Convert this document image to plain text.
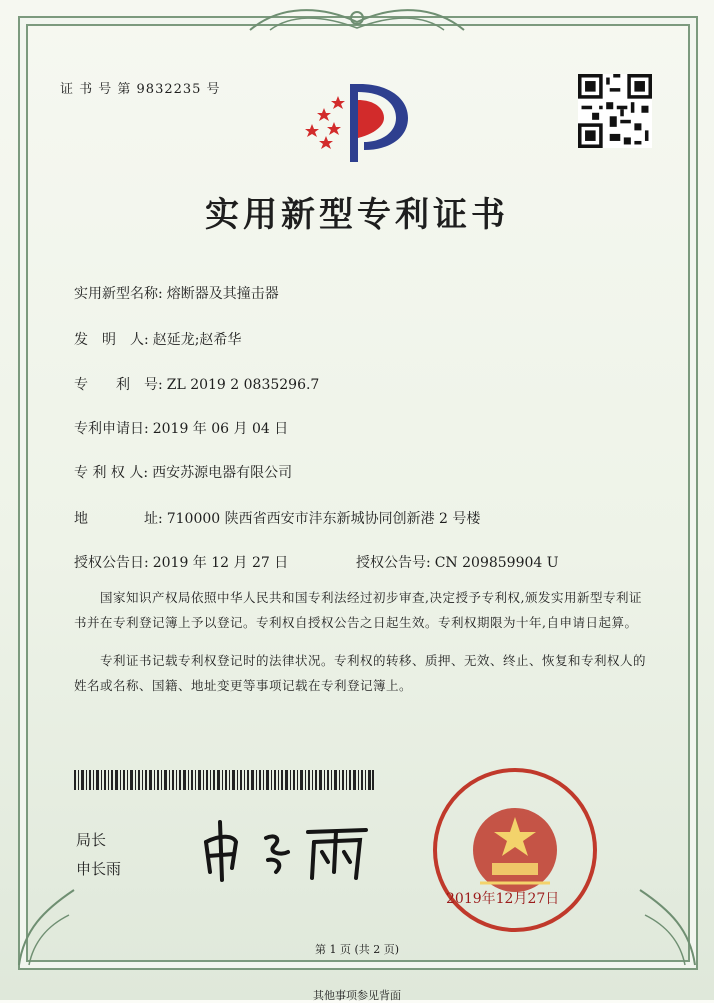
证 书 号 第 9832235 号
实用新型专利证书
实用新型名称: 熔断器及其撞击器
发　明　人: 赵延龙;赵希华
专　　利　号: ZL 2019 2 0835296.7
专利申请日: 2019 年 06 月 04 日
专 利 权 人: 西安苏源电器有限公司
地　　　　址: 710000 陕西省西安市沣东新城协同创新港 2 号楼
授权公告日: 2019 年 12 月 27 日	授权公告号: CN 209859904 U
　　国家知识产权局依照中华人民共和国专利法经过初步审查,决定授予专利权,颁发实用新型专利证书并在专利登记簿上予以登记。专利权自授权公告之日起生效。专利权期限为十年,自申请日起算。
　　专利证书记载专利权登记时的法律状况。专利权的转移、质押、无效、终止、恢复和专利权人的姓名或名称、国籍、地址变更等事项记载在专利登记簿上。
局长
申长雨
2019年12月27日
第 1 页 (共 2 页)
其他事项参见背面
